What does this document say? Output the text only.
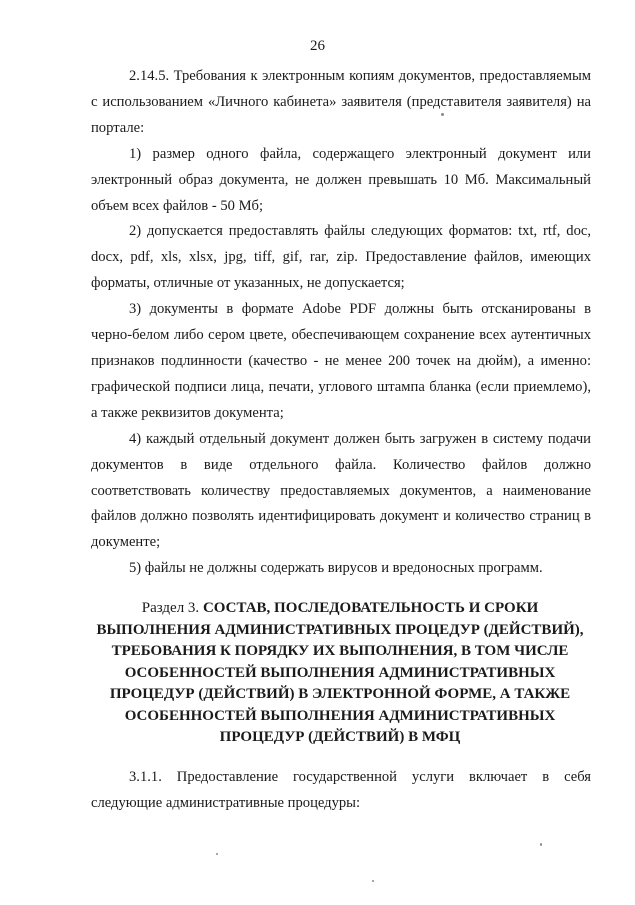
26

2.14.5. Требования к электронным копиям документов, предоставляемым с использованием «Личного кабинета» заявителя (представителя заявителя) на портале:

1) размер одного файла, содержащего электронный документ или электронный образ документа, не должен превышать 10 Мб. Максимальный объем всех файлов - 50 Мб;

2) допускается предоставлять файлы следующих форматов: txt, rtf, doc, docx, pdf, xls, xlsx, jpg, tiff, gif, rar, zip. Предоставление файлов, имеющих форматы, отличные от указанных, не допускается;

3) документы в формате Adobe PDF должны быть отсканированы в черно-белом либо сером цвете, обеспечивающем сохранение всех аутентичных признаков подлинности (качество - не менее 200 точек на дюйм), а именно: графической подписи лица, печати, углового штампа бланка (если приемлемо), а также реквизитов документа;

4) каждый отдельный документ должен быть загружен в систему подачи документов в виде отдельного файла. Количество файлов должно соответствовать количеству предоставляемых документов, а наименование файлов должно позволять идентифицировать документ и количество страниц в документе;

5) файлы не должны содержать вирусов и вредоносных программ.

Раздел 3. СОСТАВ, ПОСЛЕДОВАТЕЛЬНОСТЬ И СРОКИ ВЫПОЛНЕНИЯ АДМИНИСТРАТИВНЫХ ПРОЦЕДУР (ДЕЙСТВИЙ), ТРЕБОВАНИЯ К ПОРЯДКУ ИХ ВЫПОЛНЕНИЯ, В ТОМ ЧИСЛЕ ОСОБЕННОСТЕЙ ВЫПОЛНЕНИЯ АДМИНИСТРАТИВНЫХ ПРОЦЕДУР (ДЕЙСТВИЙ) В ЭЛЕКТРОННОЙ ФОРМЕ, А ТАКЖЕ ОСОБЕННОСТЕЙ ВЫПОЛНЕНИЯ АДМИНИСТРАТИВНЫХ ПРОЦЕДУР (ДЕЙСТВИЙ) В МФЦ

3.1.1. Предоставление государственной услуги включает в себя следующие административные процедуры:
